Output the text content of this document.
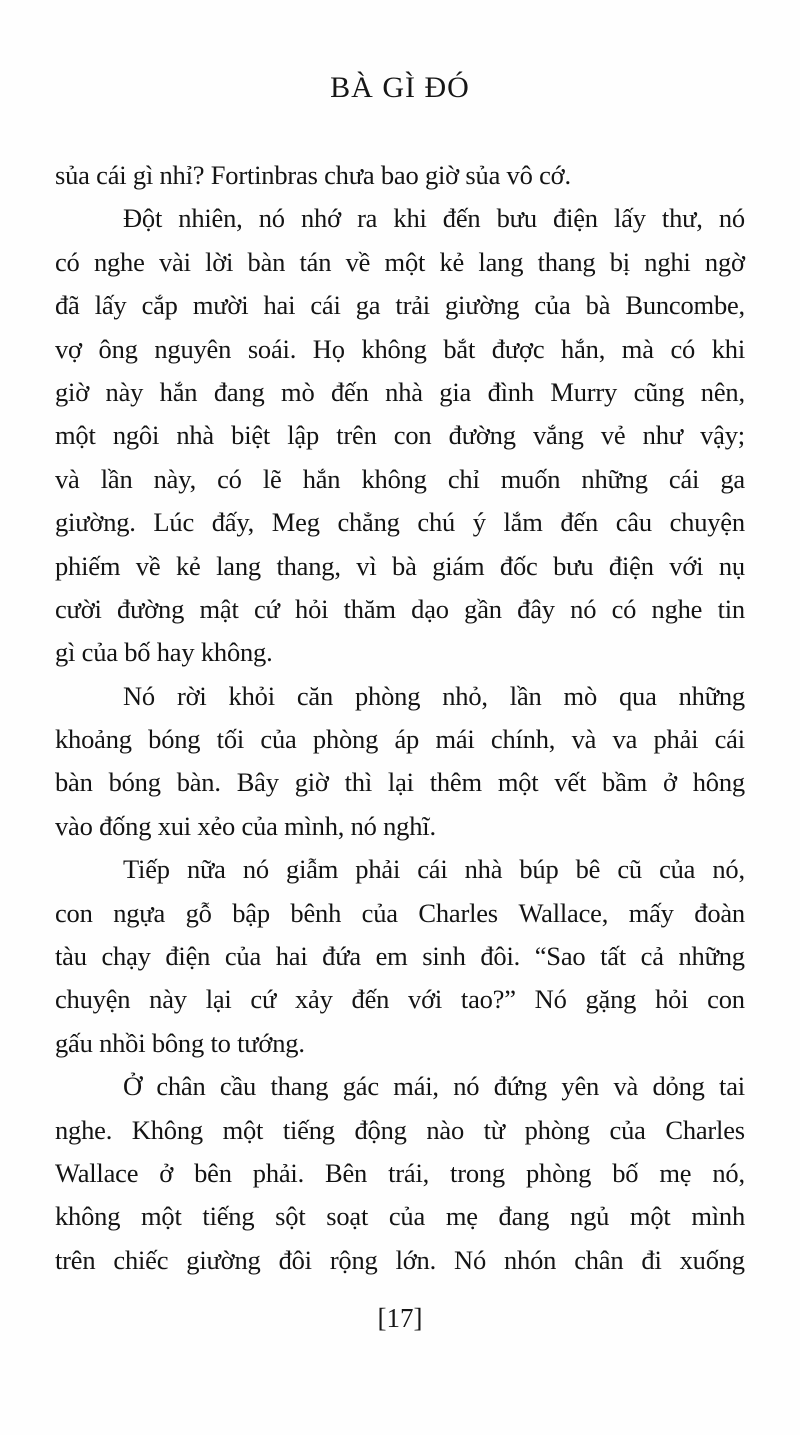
BÀ GÌ ĐÓ
sủa cái gì nhỉ? Fortinbras chưa bao giờ sủa vô cớ.
Đột nhiên, nó nhớ ra khi đến bưu điện lấy thư, nó
có nghe vài lời bàn tán về một kẻ lang thang bị nghi ngờ
đã lấy cắp mười hai cái ga trải giường của bà Buncombe,
vợ ông nguyên soái. Họ không bắt được hắn, mà có khi
giờ này hắn đang mò đến nhà gia đình Murry cũng nên,
một ngôi nhà biệt lập trên con đường vắng vẻ như vậy;
và lần này, có lẽ hắn không chỉ muốn những cái ga
giường. Lúc đấy, Meg chẳng chú ý lắm đến câu chuyện
phiếm về kẻ lang thang, vì bà giám đốc bưu điện với nụ
cười đường mật cứ hỏi thăm dạo gần đây nó có nghe tin
gì của bố hay không.
Nó rời khỏi căn phòng nhỏ, lần mò qua những
khoảng bóng tối của phòng áp mái chính, và va phải cái
bàn bóng bàn. Bây giờ thì lại thêm một vết bầm ở hông
vào đống xui xẻo của mình, nó nghĩ.
Tiếp nữa nó giẫm phải cái nhà búp bê cũ của nó,
con ngựa gỗ bập bênh của Charles Wallace, mấy đoàn
tàu chạy điện của hai đứa em sinh đôi. “Sao tất cả những
chuyện này lại cứ xảy đến với tao?” Nó gặng hỏi con
gấu nhồi bông to tướng.
Ở chân cầu thang gác mái, nó đứng yên và dỏng tai
nghe. Không một tiếng động nào từ phòng của Charles
Wallace ở bên phải. Bên trái, trong phòng bố mẹ nó,
không một tiếng sột soạt của mẹ đang ngủ một mình
trên chiếc giường đôi rộng lớn. Nó nhón chân đi xuống
[17]
